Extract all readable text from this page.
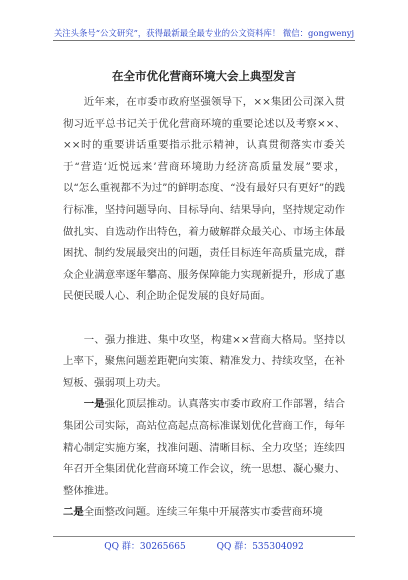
关注头条号“公文研究”，获得最新最全最专业的公文资料库！ 微信：gongwenyj
在全市优化营商环境大会上典型发言

近年来，在市委市政府坚强领导下，××集团公司深入贯彻习近平总书记关于优化营商环境的重要论述以及考察××、××时的重要讲话重要指示批示精神，认真贯彻落实市委关于“营造‘近悦远来’营商环境助力经济高质量发展”要求，以“怎么重视都不为过”的鲜明态度、“没有最好只有更好”的践行标准，坚持问题导向、目标导向、结果导向，坚持规定动作做扎实、自选动作出特色，着力破解群众最关心、市场主体最困扰、制约发展最突出的问题，责任目标连年高质量完成，群众企业满意率逐年攀高、服务保障能力实现新提升，形成了惠民便民暖人心、利企助企促发展的良好局面。

一、强力推进、集中攻坚，构建××营商大格局。坚持以上率下，聚焦问题差距靶向实策、精准发力、持续攻坚，在补短板、强弱项上功夫。

一是强化顶层推动。认真落实市委市政府工作部署，结合集团公司实际，高站位高起点高标准谋划优化营商工作，每年精心制定实施方案，找准问题、清晰目标、全力攻坚；连续四年召开全集团优化营商环境工作会议，统一思想、凝心聚力、整体推进。

二是全面整改问题。连续三年集中开展落实市委营商环境

QQ 群：30265665	QQ 群：535304092
